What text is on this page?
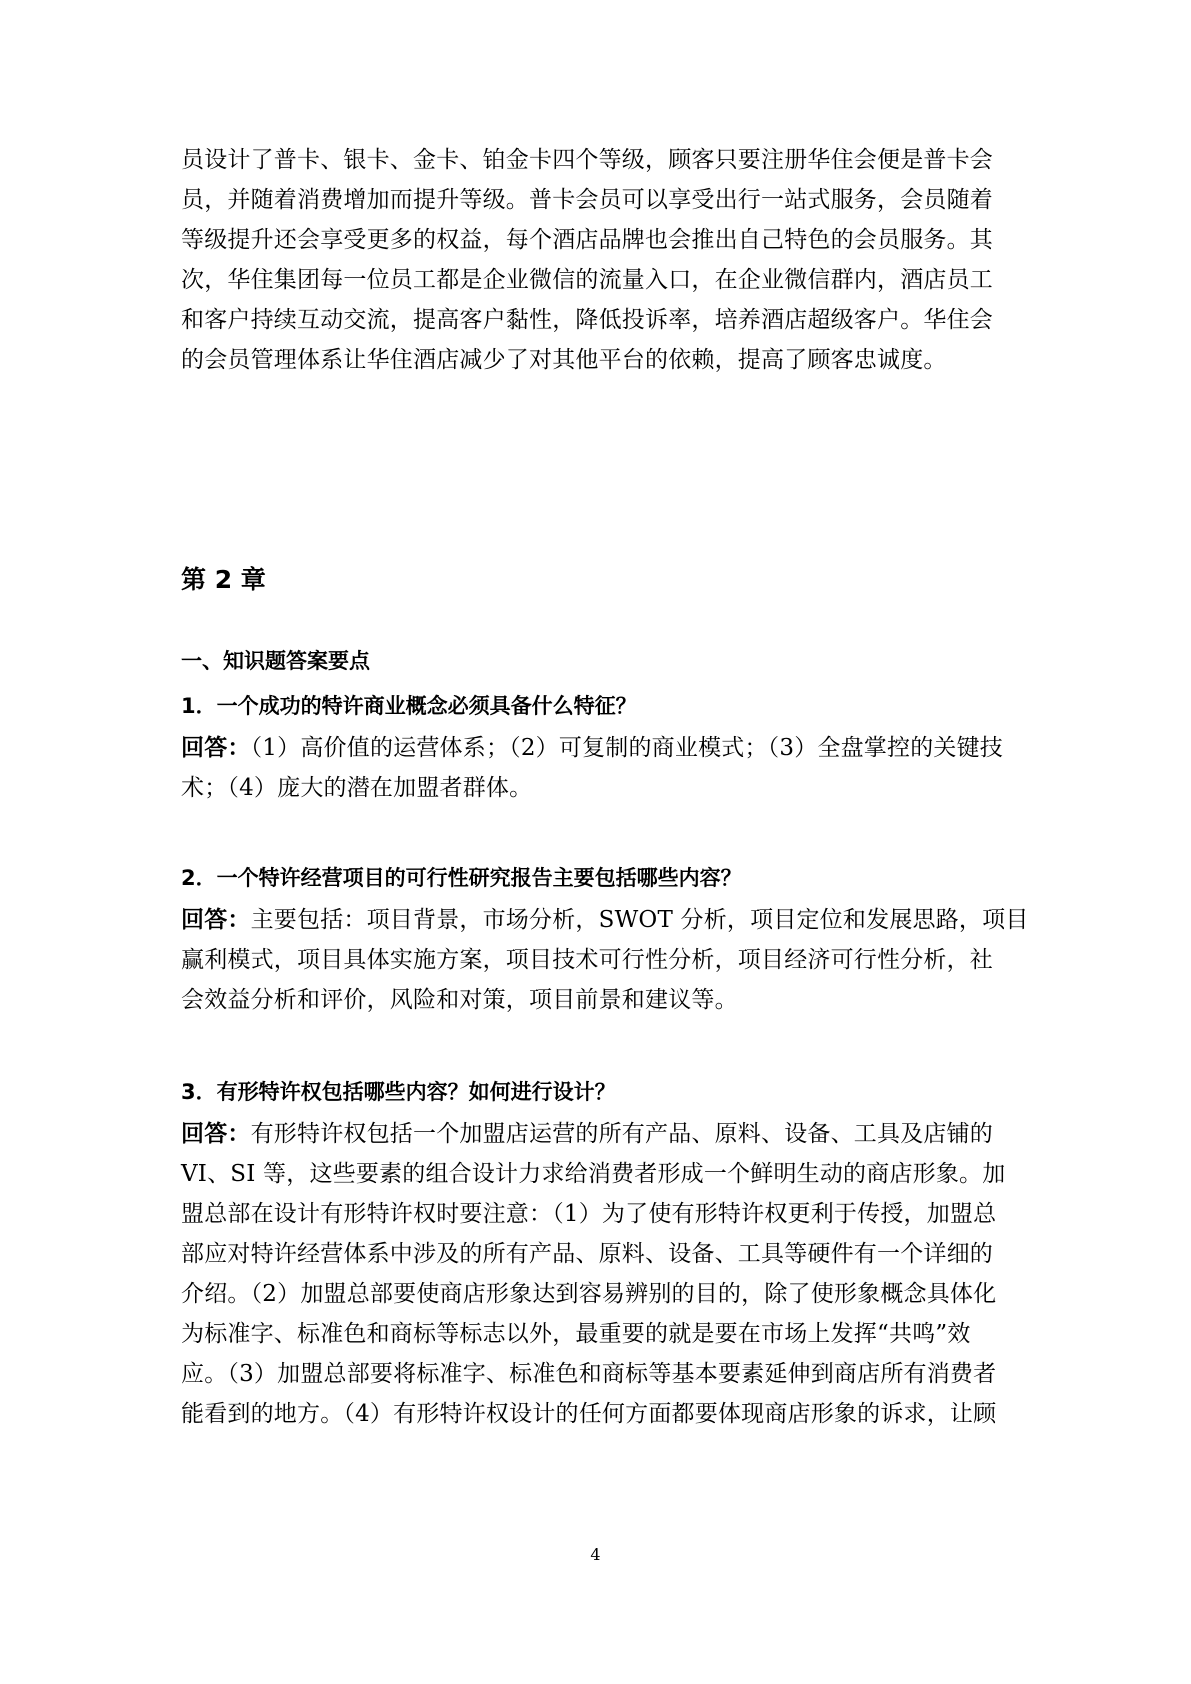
员设计了普卡、银卡、金卡、铂金卡四个等级，顾客只要注册华住会便是普卡会
员，并随着消费增加而提升等级。普卡会员可以享受出行一站式服务，会员随着
等级提升还会享受更多的权益，每个酒店品牌也会推出自己特色的会员服务。其
次，华住集团每一位员工都是企业微信的流量入口，在企业微信群内，酒店员工
和客户持续互动交流，提高客户黏性，降低投诉率，培养酒店超级客户。华住会
的会员管理体系让华住酒店减少了对其他平台的依赖，提高了顾客忠诚度。

第 2 章
一、知识题答案要点
1．一个成功的特许商业概念必须具备什么特征？

回答：（1）高价值的运营体系；（2）可复制的商业模式；（3）全盘掌控的关键技
术；（4）庞大的潜在加盟者群体。

2．一个特许经营项目的可行性研究报告主要包括哪些内容？

回答：主要包括：项目背景，市场分析，SWOT 分析，项目定位和发展思路，项目
赢利模式，项目具体实施方案，项目技术可行性分析，项目经济可行性分析，社
会效益分析和评价，风险和对策，项目前景和建议等。

3．有形特许权包括哪些内容？如何进行设计？

回答：有形特许权包括一个加盟店运营的所有产品、原料、设备、工具及店铺的
VI、SI 等，这些要素的组合设计力求给消费者形成一个鲜明生动的商店形象。加
盟总部在设计有形特许权时要注意：（1）为了使有形特许权更利于传授，加盟总
部应对特许经营体系中涉及的所有产品、原料、设备、工具等硬件有一个详细的
介绍。（2）加盟总部要使商店形象达到容易辨别的目的，除了使形象概念具体化
为标准字、标准色和商标等标志以外，最重要的就是要在市场上发挥“共鸣”效
应。（3）加盟总部要将标准字、标准色和商标等基本要素延伸到商店所有消费者
能看到的地方。（4）有形特许权设计的任何方面都要体现商店形象的诉求，让顾

4
